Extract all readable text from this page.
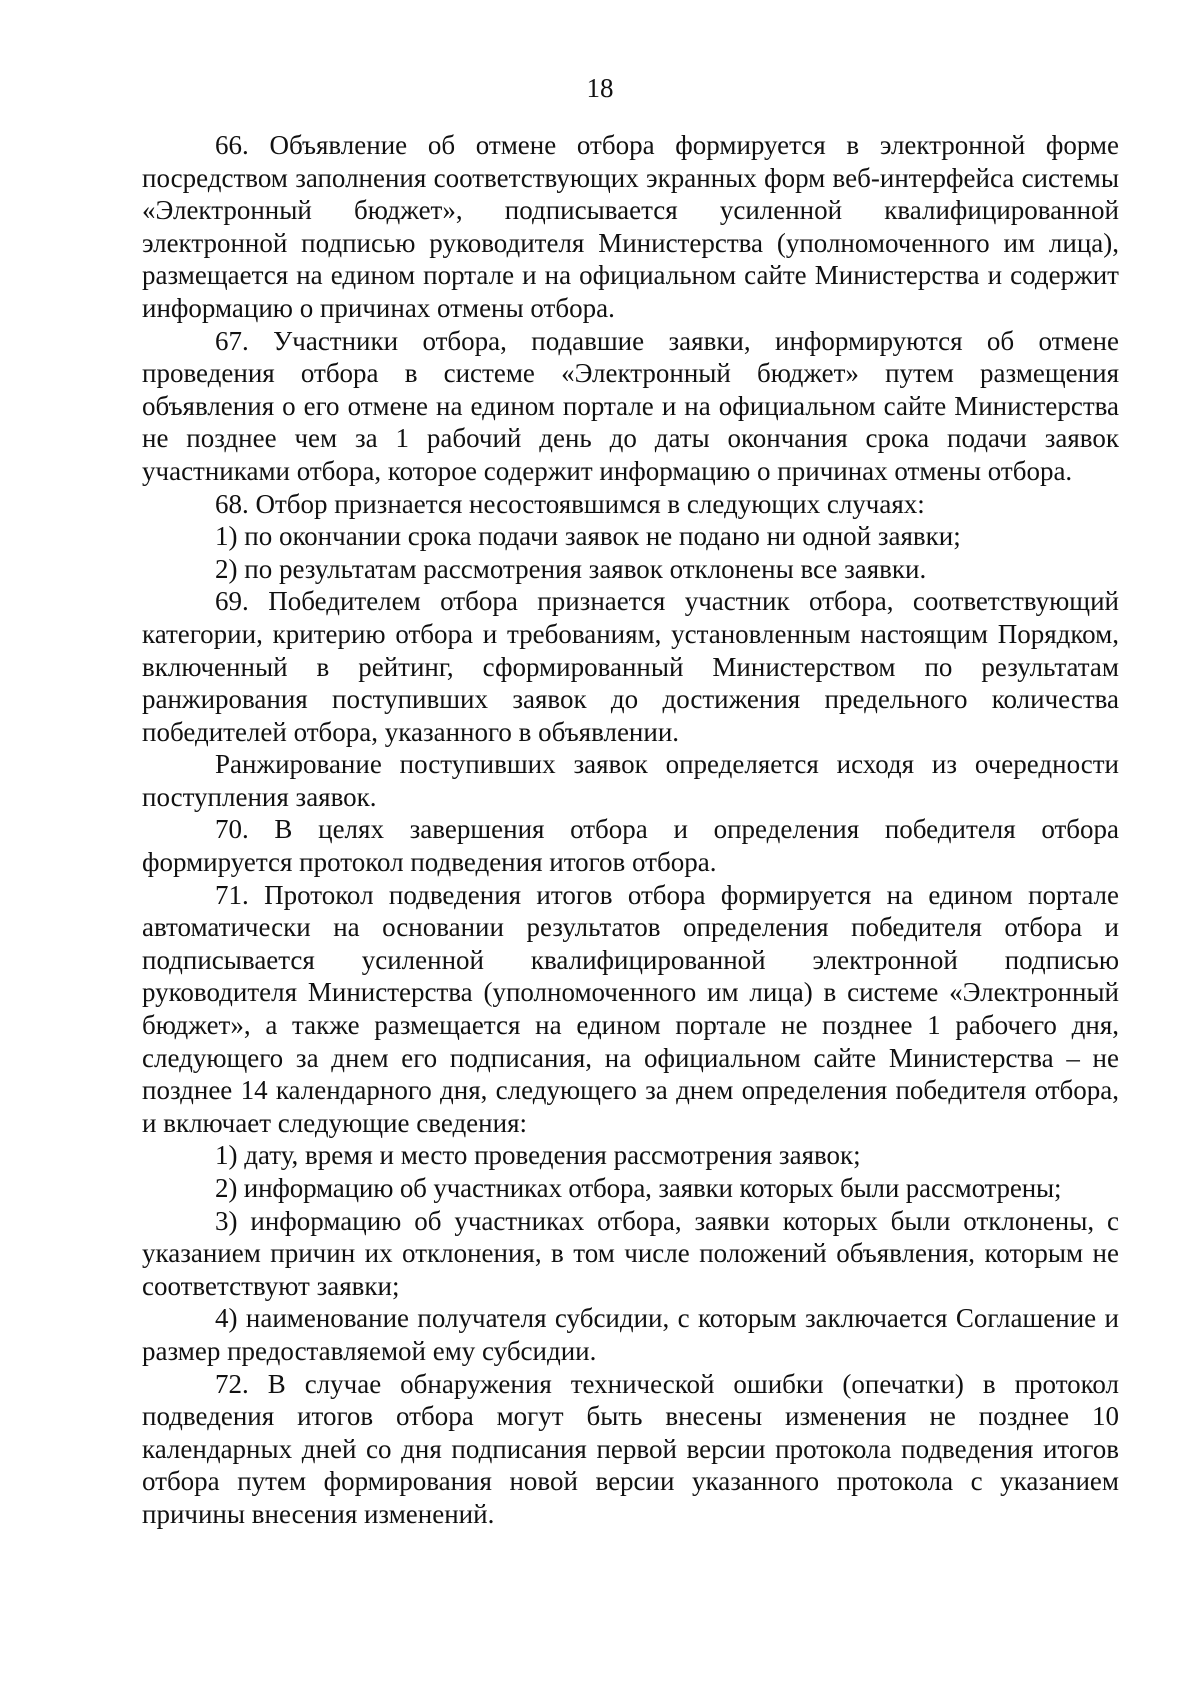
18

66. Объявление об отмене отбора формируется в электронной форме посредством заполнения соответствующих экранных форм веб-интерфейса системы «Электронный бюджет», подписывается усиленной квалифицированной электронной подписью руководителя Министерства (уполномоченного им лица), размещается на едином портале и на официальном сайте Министерства и содержит информацию о причинах отмены отбора.

67. Участники отбора, подавшие заявки, информируются об отмене проведения отбора в системе «Электронный бюджет» путем размещения объявления о его отмене на едином портале и на официальном сайте Министерства не позднее чем за 1 рабочий день до даты окончания срока подачи заявок участниками отбора, которое содержит информацию о причинах отмены отбора.

68. Отбор признается несостоявшимся в следующих случаях:

1) по окончании срока подачи заявок не подано ни одной заявки;

2) по результатам рассмотрения заявок отклонены все заявки.

69. Победителем отбора признается участник отбора, соответствующий категории, критерию отбора и требованиям, установленным настоящим Порядком, включенный в рейтинг, сформированный Министерством по результатам ранжирования поступивших заявок до достижения предельного количества победителей отбора, указанного в объявлении.

Ранжирование поступивших заявок определяется исходя из очередности поступления заявок.

70. В целях завершения отбора и определения победителя отбора формируется протокол подведения итогов отбора.

71. Протокол подведения итогов отбора формируется на едином портале автоматически на основании результатов определения победителя отбора и подписывается усиленной квалифицированной электронной подписью руководителя Министерства (уполномоченного им лица) в системе «Электронный бюджет», а также размещается на едином портале не позднее 1 рабочего дня, следующего за днем его подписания, на официальном сайте Министерства – не позднее 14 календарного дня, следующего за днем определения победителя отбора, и включает следующие сведения:

1) дату, время и место проведения рассмотрения заявок;

2) информацию об участниках отбора, заявки которых были рассмотрены;

3) информацию об участниках отбора, заявки которых были отклонены, с указанием причин их отклонения, в том числе положений объявления, которым не соответствуют заявки;

4) наименование получателя субсидии, с которым заключается Соглашение и размер предоставляемой ему субсидии.

72. В случае обнаружения технической ошибки (опечатки) в протокол подведения итогов отбора могут быть внесены изменения не позднее 10 календарных дней со дня подписания первой версии протокола подведения итогов отбора путем формирования новой версии указанного протокола с указанием причины внесения изменений.
